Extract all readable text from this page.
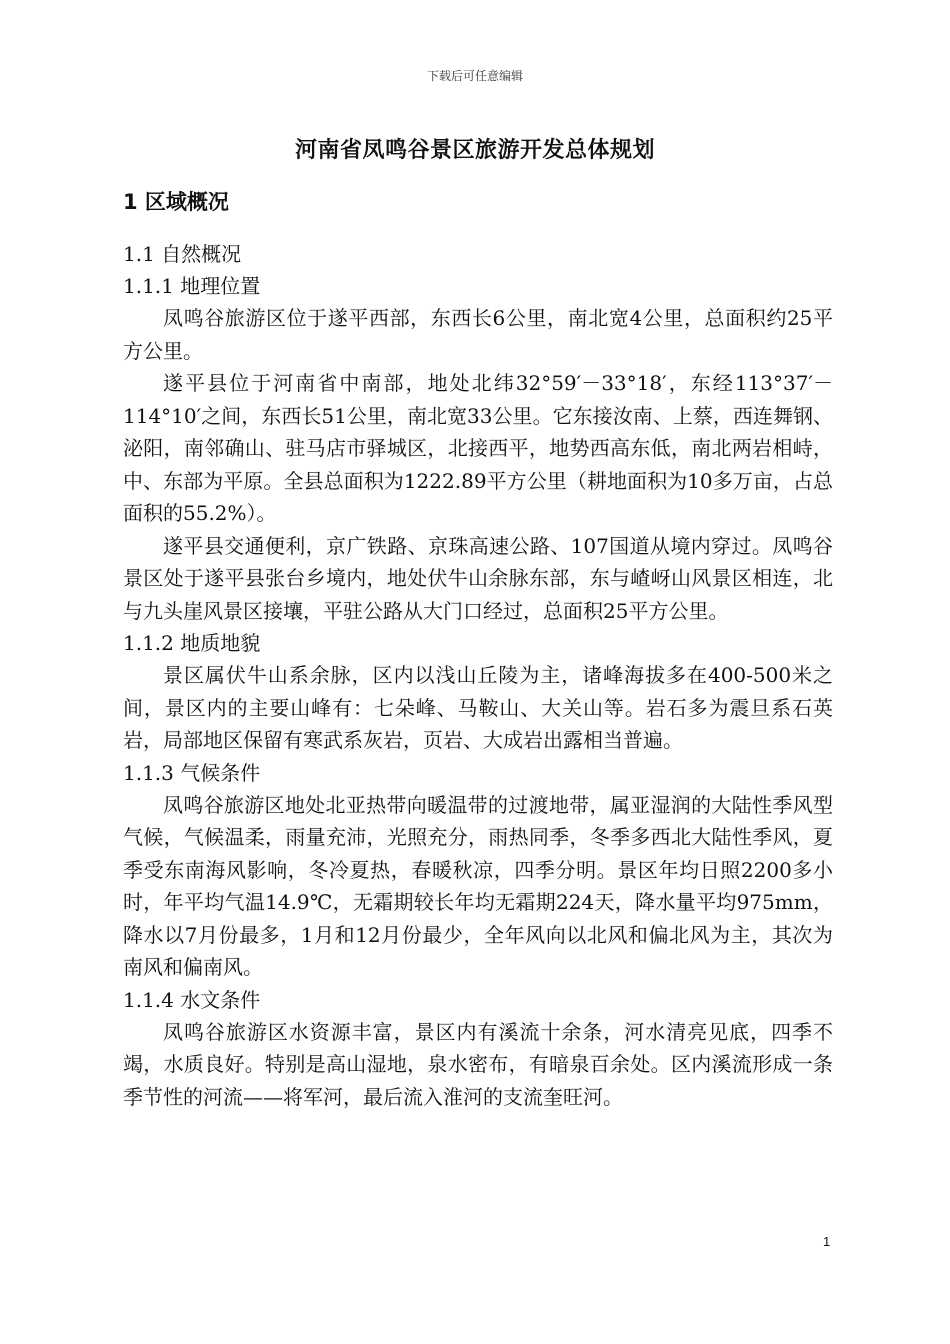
下载后可任意编辑
河南省凤鸣谷景区旅游开发总体规划
1 区域概况
1.1 自然概况
1.1.1 地理位置

凤鸣谷旅游区位于遂平西部，东西长6公里，南北宽4公里，总面积约25平方公里。

遂平县位于河南省中南部，地处北纬32°59′－33°18′，东经113°37′－114°10′之间，东西长51公里，南北宽33公里。它东接汝南、上蔡，西连舞钢、泌阳，南邻确山、驻马店市驿城区，北接西平，地势西高东低，南北两岩相峙，中、东部为平原。全县总面积为1222.89平方公里（耕地面积为10多万亩，占总面积的55.2%）。

遂平县交通便利，京广铁路、京珠高速公路、107国道从境内穿过。凤鸣谷景区处于遂平县张台乡境内，地处伏牛山余脉东部，东与嵖岈山风景区相连，北与九头崖风景区接壤，平驻公路从大门口经过，总面积25平方公里。

1.1.2 地质地貌

景区属伏牛山系余脉，区内以浅山丘陵为主，诸峰海拔多在400-500米之间，景区内的主要山峰有：七朵峰、马鞍山、大关山等。岩石多为震旦系石英岩，局部地区保留有寒武系灰岩，页岩、大成岩出露相当普遍。

1.1.3 气候条件

凤鸣谷旅游区地处北亚热带向暖温带的过渡地带，属亚湿润的大陆性季风型气候，气候温柔，雨量充沛，光照充分，雨热同季，冬季多西北大陆性季风，夏季受东南海风影响，冬冷夏热，春暖秋凉，四季分明。景区年均日照2200多小时，年平均气温14.9℃，无霜期较长年均无霜期224天，降水量平均975mm，降水以7月份最多，1月和12月份最少，全年风向以北风和偏北风为主，其次为南风和偏南风。

1.1.4 水文条件

凤鸣谷旅游区水资源丰富，景区内有溪流十余条，河水清亮见底，四季不竭，水质良好。特别是高山湿地，泉水密布，有暗泉百余处。区内溪流形成一条季节性的河流——将军河，最后流入淮河的支流奎旺河。

1
